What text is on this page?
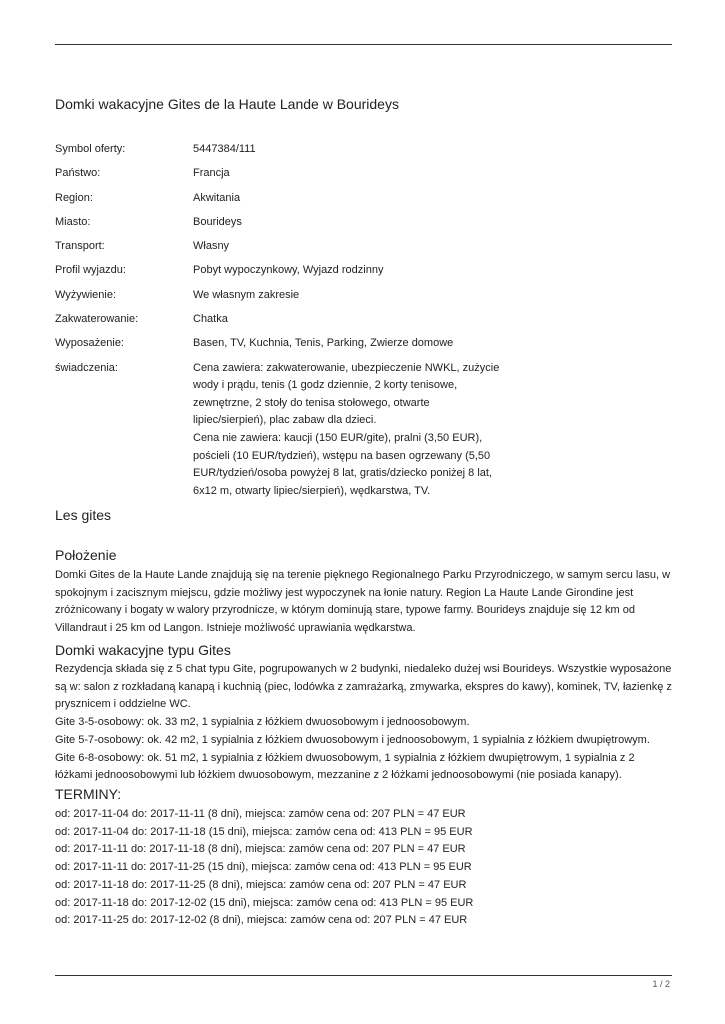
Domki wakacyjne Gites de la Haute Lande w Bourideys
Symbol oferty:	5447384/111
Państwo:	Francja
Region:	Akwitania
Miasto:	Bourideys
Transport:	Własny
Profil wyjazdu:	Pobyt wypoczynkowy, Wyjazd rodzinny
Wyżywienie:	We własnym zakresie
Zakwaterowanie:	Chatka
Wyposażenie:	Basen, TV, Kuchnia, Tenis, Parking, Zwierze domowe
świadczenia:	Cena zawiera: zakwaterowanie, ubezpieczenie NWKL, zużycie
wody i prądu, tenis (1 godz dziennie, 2 korty tenisowe,
zewnętrzne, 2 stoły do tenisa stołowego, otwarte
lipiec/sierpień), plac zabaw dla dzieci.
Cena nie zawiera: kaucji (150 EUR/gite), pralni (3,50 EUR),
pościeli (10 EUR/tydzień), wstępu na basen ogrzewany (5,50
EUR/tydzień/osoba powyżej 8 lat, gratis/dziecko poniżej 8 lat,
6x12 m, otwarty lipiec/sierpień), wędkarstwa, TV.
Les gites
Położenie
Domki Gites de la Haute Lande znajdują się na terenie pięknego Regionalnego Parku Przyrodniczego, w samym sercu lasu, w
spokojnym i zacisznym miejscu, gdzie możliwy jest wypoczynek na łonie natury. Region La Haute Lande Girondine jest
zróżnicowany i bogaty w walory przyrodnicze, w którym dominują stare, typowe farmy. Bourideys znajduje się 12 km od
Villandraut i 25 km od Langon. Istnieje możliwość uprawiania wędkarstwa.
Domki wakacyjne typu Gites
Rezydencja składa się z 5 chat typu Gite, pogrupowanych w 2 budynki, niedaleko dużej wsi Bourideys. Wszystkie wyposażone
są w: salon z rozkładaną kanapą i kuchnią (piec, lodówka z zamrażarką, zmywarka, ekspres do kawy), kominek, TV, łazienkę z
prysznicem i oddzielne WC.
Gite 3-5-osobowy: ok. 33 m2, 1 sypialnia z łóżkiem dwuosobowym i jednoosobowym.
Gite 5-7-osobowy: ok. 42 m2, 1 sypialnia z łóżkiem dwuosobowym i jednoosobowym, 1 sypialnia z łóżkiem dwupiętrowym.
Gite 6-8-osobowy: ok. 51 m2, 1 sypialnia z łóżkiem dwuosobowym, 1 sypialnia z łóżkiem dwupiętrowym, 1 sypialnia z 2
łóżkami jednoosobowymi lub łóżkiem dwuosobowym, mezzanine z 2 łóżkami jednoosobowymi (nie posiada kanapy).
TERMINY:
od: 2017-11-04 do: 2017-11-11 (8 dni), miejsca: zamów cena od: 207 PLN = 47 EUR
od: 2017-11-04 do: 2017-11-18 (15 dni), miejsca: zamów cena od: 413 PLN = 95 EUR
od: 2017-11-11 do: 2017-11-18 (8 dni), miejsca: zamów cena od: 207 PLN = 47 EUR
od: 2017-11-11 do: 2017-11-25 (15 dni), miejsca: zamów cena od: 413 PLN = 95 EUR
od: 2017-11-18 do: 2017-11-25 (8 dni), miejsca: zamów cena od: 207 PLN = 47 EUR
od: 2017-11-18 do: 2017-12-02 (15 dni), miejsca: zamów cena od: 413 PLN = 95 EUR
od: 2017-11-25 do: 2017-12-02 (8 dni), miejsca: zamów cena od: 207 PLN = 47 EUR
1 / 2
